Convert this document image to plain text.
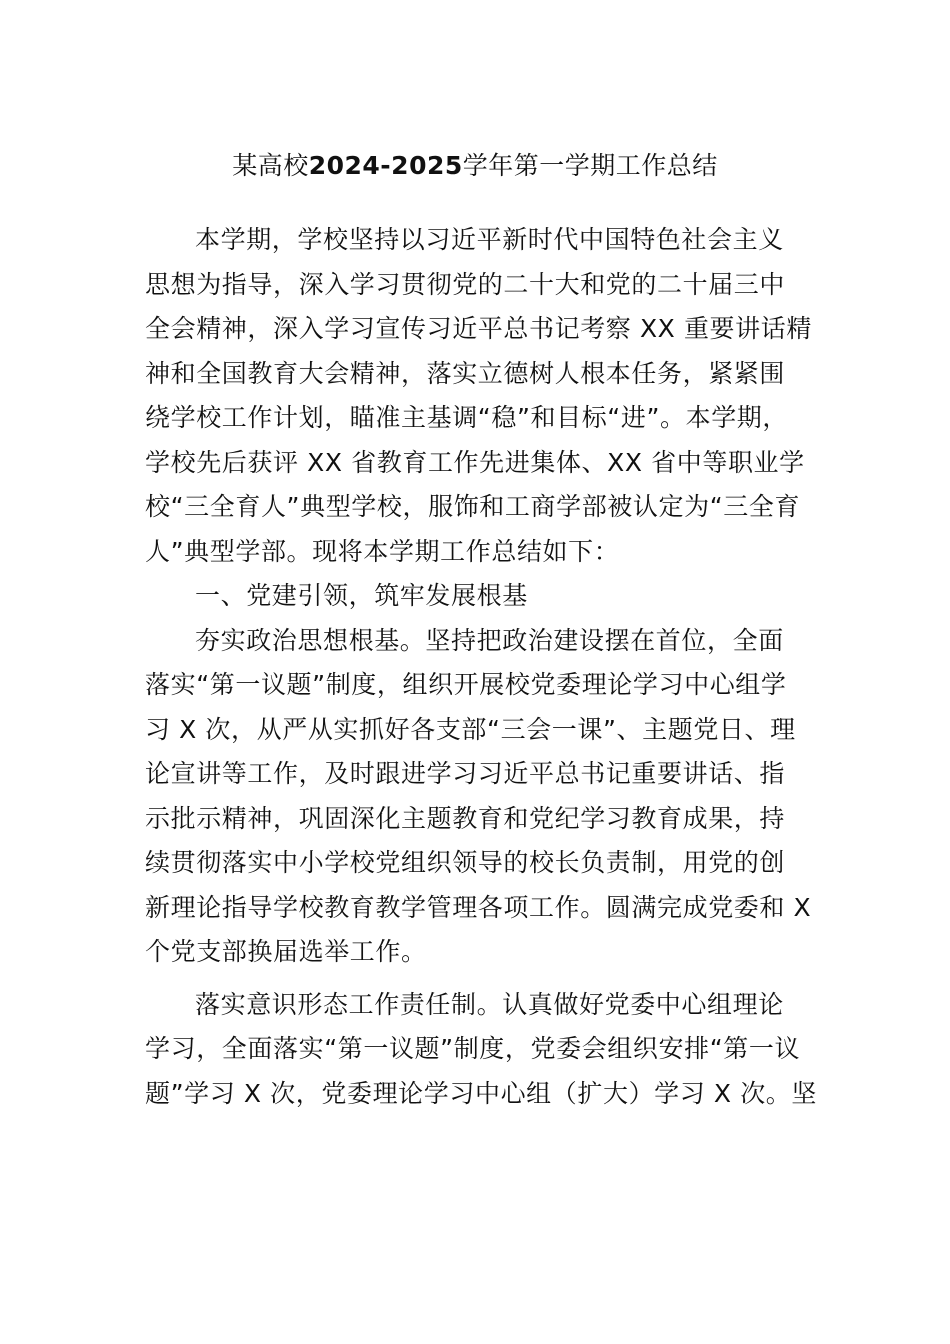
某高校2024-2025学年第一学期工作总结
本学期，学校坚持以习近平新时代中国特色社会主义
思想为指导，深入学习贯彻党的二十大和党的二十届三中
全会精神，深入学习宣传习近平总书记考察 XX 重要讲话精
神和全国教育大会精神，落实立德树人根本任务，紧紧围
绕学校工作计划，瞄准主基调“稳”和目标“进”。本学期，
学校先后获评 XX 省教育工作先进集体、XX 省中等职业学
校“三全育人”典型学校，服饰和工商学部被认定为“三全育
人”典型学部。现将本学期工作总结如下：
一、党建引领，筑牢发展根基
夯实政治思想根基。坚持把政治建设摆在首位，全面
落实“第一议题”制度，组织开展校党委理论学习中心组学
习 X 次，从严从实抓好各支部“三会一课”、主题党日、理
论宣讲等工作，及时跟进学习习近平总书记重要讲话、指
示批示精神，巩固深化主题教育和党纪学习教育成果，持
续贯彻落实中小学校党组织领导的校长负责制，用党的创
新理论指导学校教育教学管理各项工作。圆满完成党委和 X
个党支部换届选举工作。
落实意识形态工作责任制。认真做好党委中心组理论
学习，全面落实“第一议题”制度，党委会组织安排“第一议
题”学习 X 次，党委理论学习中心组（扩大）学习 X 次。坚
